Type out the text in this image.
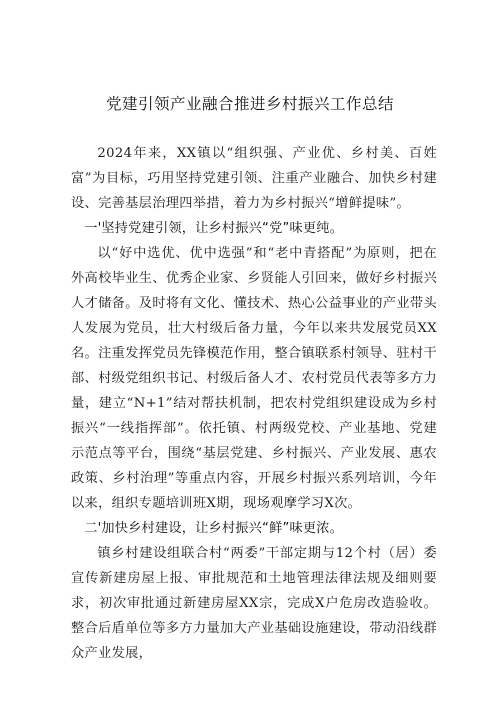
党建引领产业融合推进乡村振兴工作总结

2024年来，XX镇以“组织强、产业优、乡村美、百姓富”为目标，巧用坚持党建引领、注重产业融合、加快乡村建设、完善基层治理四举措，着力为乡村振兴“增鲜提味”。

一'坚持党建引领，让乡村振兴“党”味更纯。

以“好中选优、优中选强”和“老中青搭配”为原则，把在外高校毕业生、优秀企业家、乡贤能人引回来，做好乡村振兴人才储备。及时将有文化、懂技术、热心公益事业的产业带头人发展为党员，壮大村级后备力量，今年以来共发展党员XX名。注重发挥党员先锋模范作用，整合镇联系村领导、驻村干部、村级党组织书记、村级后备人才、农村党员代表等多方力量，建立“N+1”结对帮扶机制，把农村党组织建设成为乡村振兴“一线指挥部”。依托镇、村两级党校、产业基地、党建示范点等平台，围绕“基层党建、乡村振兴、产业发展、惠农政策、乡村治理”等重点内容，开展乡村振兴系列培训，今年以来，组织专题培训班X期，现场观摩学习X次。

二'加快乡村建设，让乡村振兴“鲜”味更浓。

镇乡村建设组联合村“两委”干部定期与12个村（居）委宣传新建房屋上报、审批规范和土地管理法律法规及细则要求，初次审批通过新建房屋XX宗，完成X户危房改造验收。整合后盾单位等多方力量加大产业基础设施建设，带动沿线群众产业发展，
